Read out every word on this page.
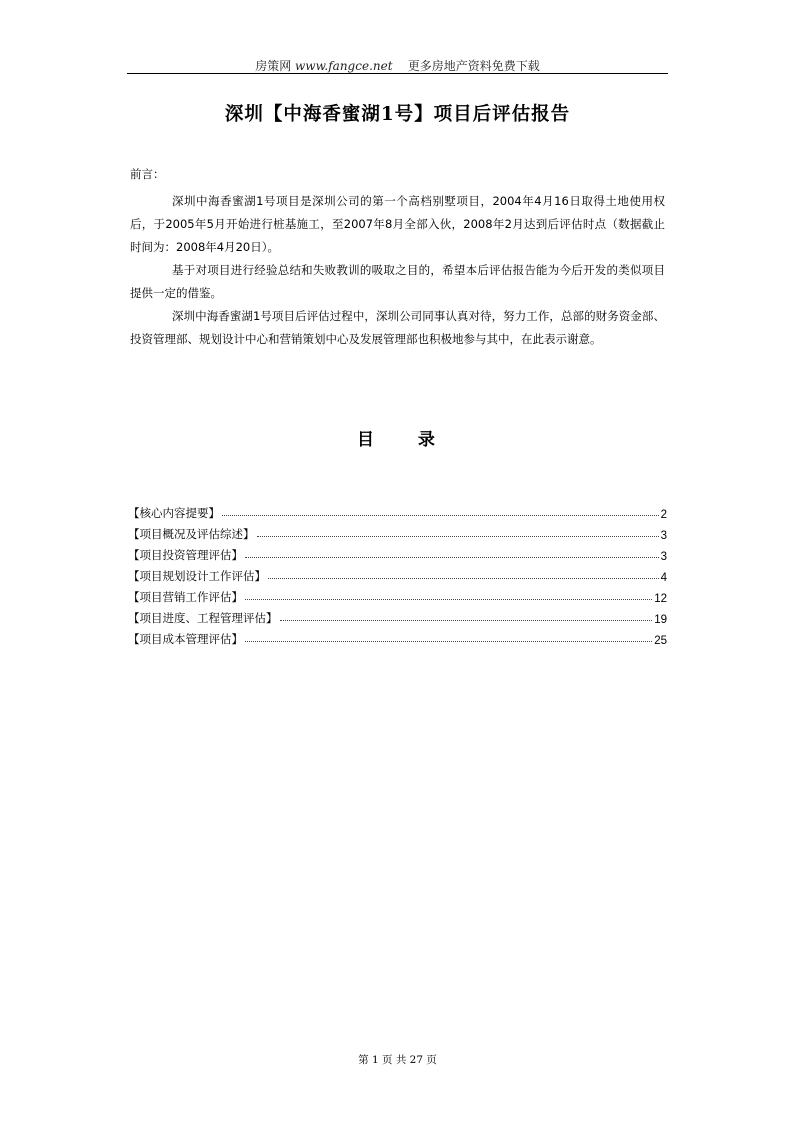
房策网 www.fangce.net    更多房地产资料免费下载
深圳【中海香蜜湖1号】项目后评估报告
前言：

深圳中海香蜜湖1号项目是深圳公司的第一个高档别墅项目，2004年4月16日取得土地使用权后，于2005年5月开始进行桩基施工，至2007年8月全部入伙，2008年2月达到后评估时点（数据截止时间为：2008年4月20日）。

基于对项目进行经验总结和失败教训的吸取之目的，希望本后评估报告能为今后开发的类似项目提供一定的借鉴。

深圳中海香蜜湖1号项目后评估过程中，深圳公司同事认真对待，努力工作，总部的财务资金部、投资管理部、规划设计中心和营销策划中心及发展管理部也积极地参与其中，在此表示谢意。

目 录
【核心内容提要】	2
【项目概况及评估综述】	3
【项目投资管理评估】	3
【项目规划设计工作评估】	4
【项目营销工作评估】	12
【项目进度、工程管理评估】	19
【项目成本管理评估】	25
第 1 页 共 27 页
